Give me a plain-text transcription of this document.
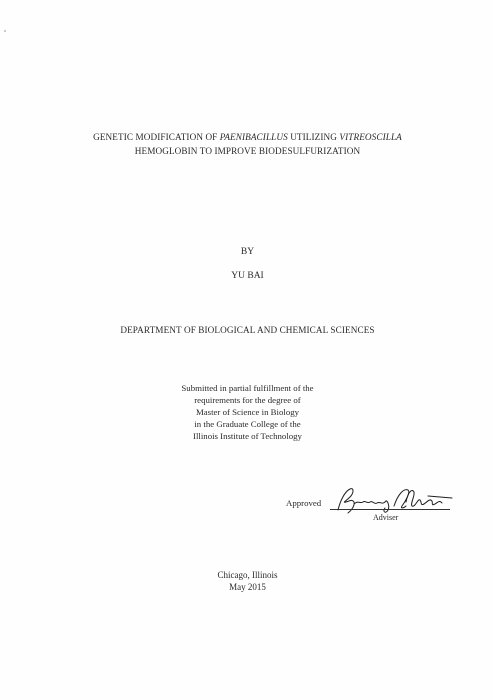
GENETIC MODIFICATION OF PAENIBACILLUS UTILIZING VITREOSCILLA
HEMOGLOBIN TO IMPROVE BIODESULFURIZATION
BY
YU BAI
DEPARTMENT OF BIOLOGICAL AND CHEMICAL SCIENCES
Submitted in partial fulfillment of the
requirements for the degree of
Master of Science in Biology
in the Graduate College of the
Illinois Institute of Technology
Approved
Adviser
Chicago, Illinois
May 2015
